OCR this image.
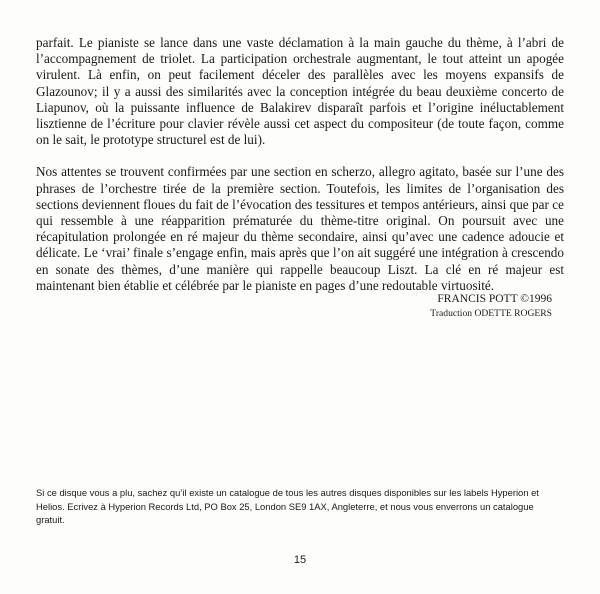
parfait. Le pianiste se lance dans une vaste déclamation à la main gauche du thème, à l’abri de l’accompagnement de triolet. La participation orchestrale augmentant, le tout atteint un apogée virulent. Là enfin, on peut facilement déceler des parallèles avec les moyens expansifs de Glazounov; il y a aussi des similarités avec la conception intégrée du beau deuxième concerto de Liapunov, où la puissante influence de Balakirev disparaît parfois et l’origine inéluctablement lisztienne de l’écriture pour clavier révèle aussi cet aspect du compositeur (de toute façon, comme on le sait, le prototype structurel est de lui).

Nos attentes se trouvent confirmées par une section en scherzo, allegro agitato, basée sur l’une des phrases de l’orchestre tirée de la première section. Toutefois, les limites de l’organisation des sections deviennent floues du fait de l’évocation des tessitures et tempos antérieurs, ainsi que par ce qui ressemble à une réapparition prématurée du thème-titre original. On poursuit avec une récapitulation prolongée en ré majeur du thème secondaire, ainsi qu’avec une cadence adoucie et délicate. Le ‘vrai’ finale s’engage enfin, mais après que l’on ait suggéré une intégration à crescendo en sonate des thèmes, d’une manière qui rappelle beaucoup Liszt. La clé en ré majeur est maintenant bien établie et célébrée par le pianiste en pages d’une redoutable virtuosité.

FRANCIS POTT ©1996
Traduction ODETTE ROGERS
Si ce disque vous a plu, sachez qu’il existe un catalogue de tous les autres disques disponibles sur les labels Hyperion et Helios. Ecrivez à Hyperion Records Ltd, PO Box 25, London SE9 1AX, Angleterre, et nous vous enverrons un catalogue gratuit.
15
